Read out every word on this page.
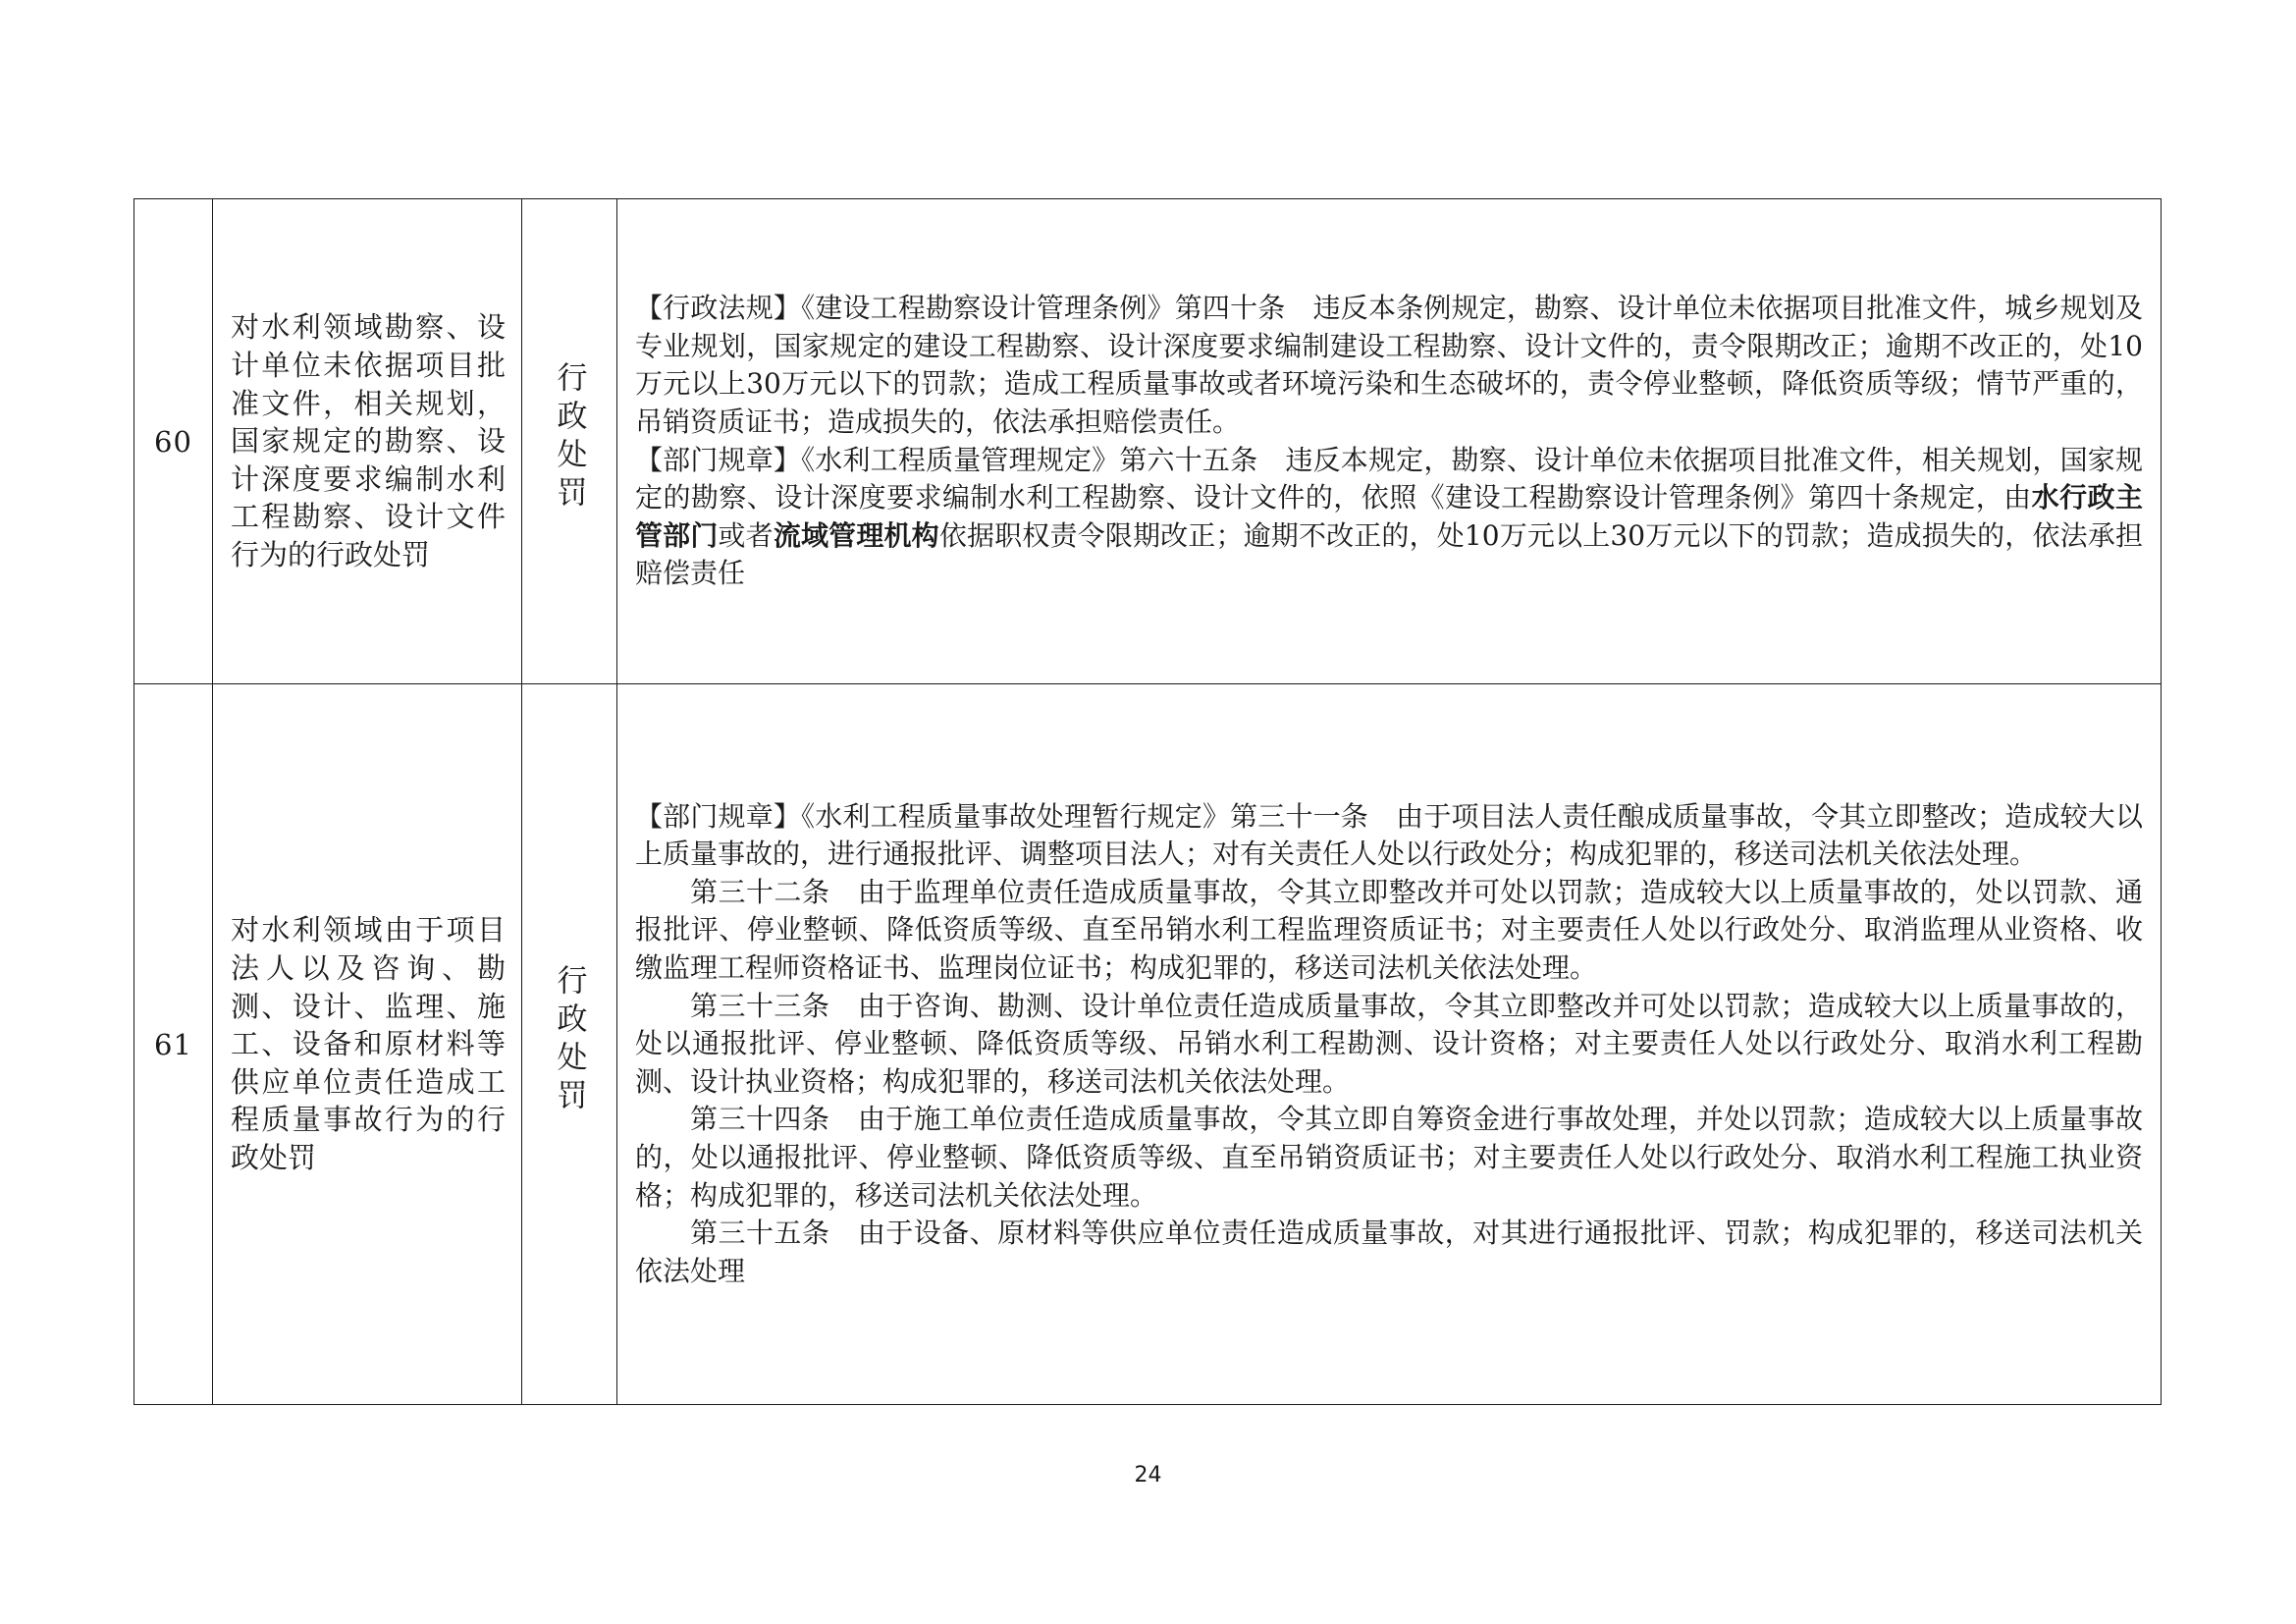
60	对水利领域勘察、设计单位未依据项目批准文件，相关规划，国家规定的勘察、设计深度要求编制水利工程勘察、设计文件行为的行政处罚	行政处罚	【行政法规】《建设工程勘察设计管理条例》第四十条　违反本条例规定，勘察、设计单位未依据项目批准文件，城乡规划及专业规划，国家规定的建设工程勘察、设计深度要求编制建设工程勘察、设计文件的，责令限期改正；逾期不改正的，处10万元以上30万元以下的罚款；造成工程质量事故或者环境污染和生态破坏的，责令停业整顿，降低资质等级；情节严重的，吊销资质证书；造成损失的，依法承担赔偿责任。

【部门规章】《水利工程质量管理规定》第六十五条　违反本规定，勘察、设计单位未依据项目批准文件，相关规划，国家规定的勘察、设计深度要求编制水利工程勘察、设计文件的，依照《建设工程勘察设计管理条例》第四十条规定，由水行政主管部门或者流域管理机构依据职权责令限期改正；逾期不改正的，处10万元以上30万元以下的罚款；造成损失的，依法承担赔偿责任

61	对水利领域由于项目法人以及咨询、勘测、设计、监理、施工、设备和原材料等供应单位责任造成工程质量事故行为的行政处罚	行政处罚	【部门规章】《水利工程质量事故处理暂行规定》第三十一条　由于项目法人责任酿成质量事故，令其立即整改；造成较大以上质量事故的，进行通报批评、调整项目法人；对有关责任人处以行政处分；构成犯罪的，移送司法机关依法处理。

第三十二条　由于监理单位责任造成质量事故，令其立即整改并可处以罚款；造成较大以上质量事故的，处以罚款、通报批评、停业整顿、降低资质等级、直至吊销水利工程监理资质证书；对主要责任人处以行政处分、取消监理从业资格、收缴监理工程师资格证书、监理岗位证书；构成犯罪的，移送司法机关依法处理。

第三十三条　由于咨询、勘测、设计单位责任造成质量事故，令其立即整改并可处以罚款；造成较大以上质量事故的，处以通报批评、停业整顿、降低资质等级、吊销水利工程勘测、设计资格；对主要责任人处以行政处分、取消水利工程勘测、设计执业资格；构成犯罪的，移送司法机关依法处理。

第三十四条　由于施工单位责任造成质量事故，令其立即自筹资金进行事故处理，并处以罚款；造成较大以上质量事故的，处以通报批评、停业整顿、降低资质等级、直至吊销资质证书；对主要责任人处以行政处分、取消水利工程施工执业资格；构成犯罪的，移送司法机关依法处理。

第三十五条　由于设备、原材料等供应单位责任造成质量事故，对其进行通报批评、罚款；构成犯罪的，移送司法机关依法处理

24
